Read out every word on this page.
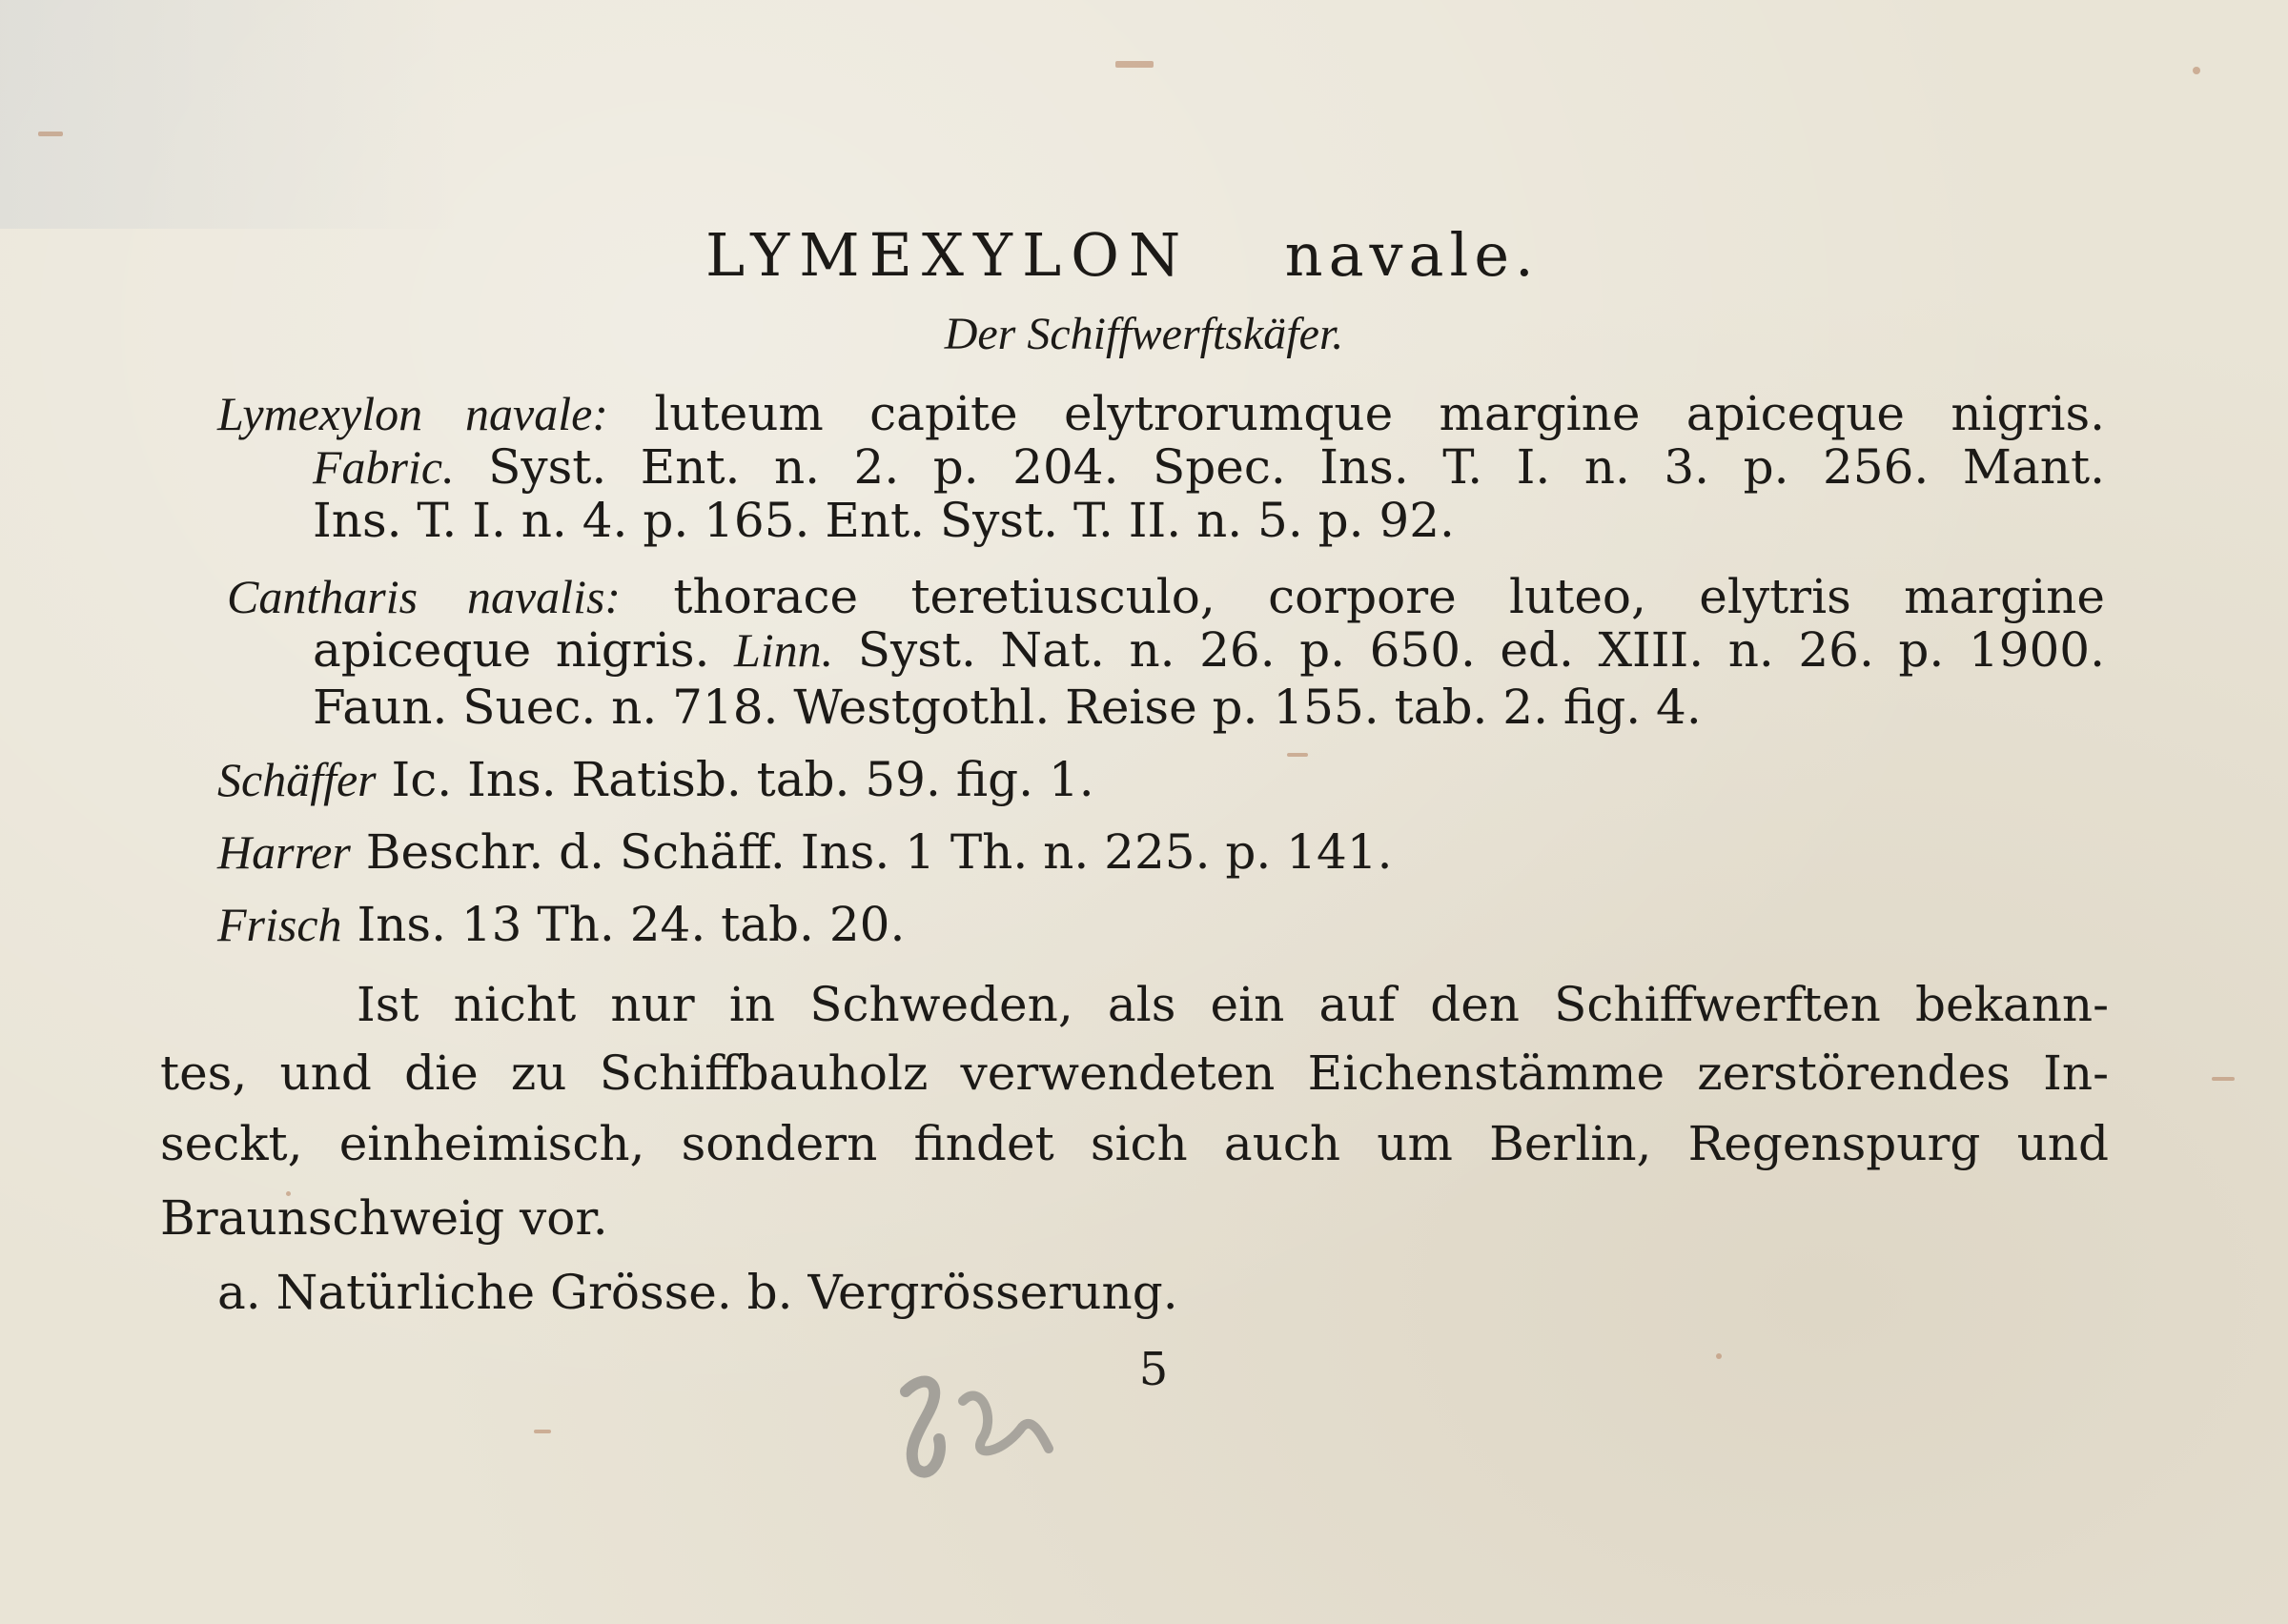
LYMEXYLON navale.
Der Schiffwerftskäfer.
Lymexylon navale: luteum capite elytrorumque margine apiceque nigris.
Fabric. Syst. Ent. n. 2. p. 204. Spec. Ins. T. I. n. 3. p. 256. Mant.
Ins. T. I. n. 4. p. 165. Ent. Syst. T. II. n. 5. p. 92.
Cantharis navalis: thorace teretiusculo, corpore luteo, elytris margine
apiceque nigris. Linn. Syst. Nat. n. 26. p. 650. ed. XIII. n. 26. p. 1900.
Faun. Suec. n. 718. Westgothl. Reise p. 155. tab. 2. fig. 4.
Schäffer Ic. Ins. Ratisb. tab. 59. fig. 1.
Harrer Beschr. d. Schäff. Ins. 1 Th. n. 225. p. 141.
Frisch Ins. 13 Th. 24. tab. 20.
Ist nicht nur in Schweden, als ein auf den Schiffwerften bekann-
tes, und die zu Schiffbauholz verwendeten Eichenstämme zerstörendes In-
seckt, einheimisch, sondern findet sich auch um Berlin, Regenspurg und
Braunschweig vor.
a. Natürliche Grösse. b. Vergrösserung.
5
